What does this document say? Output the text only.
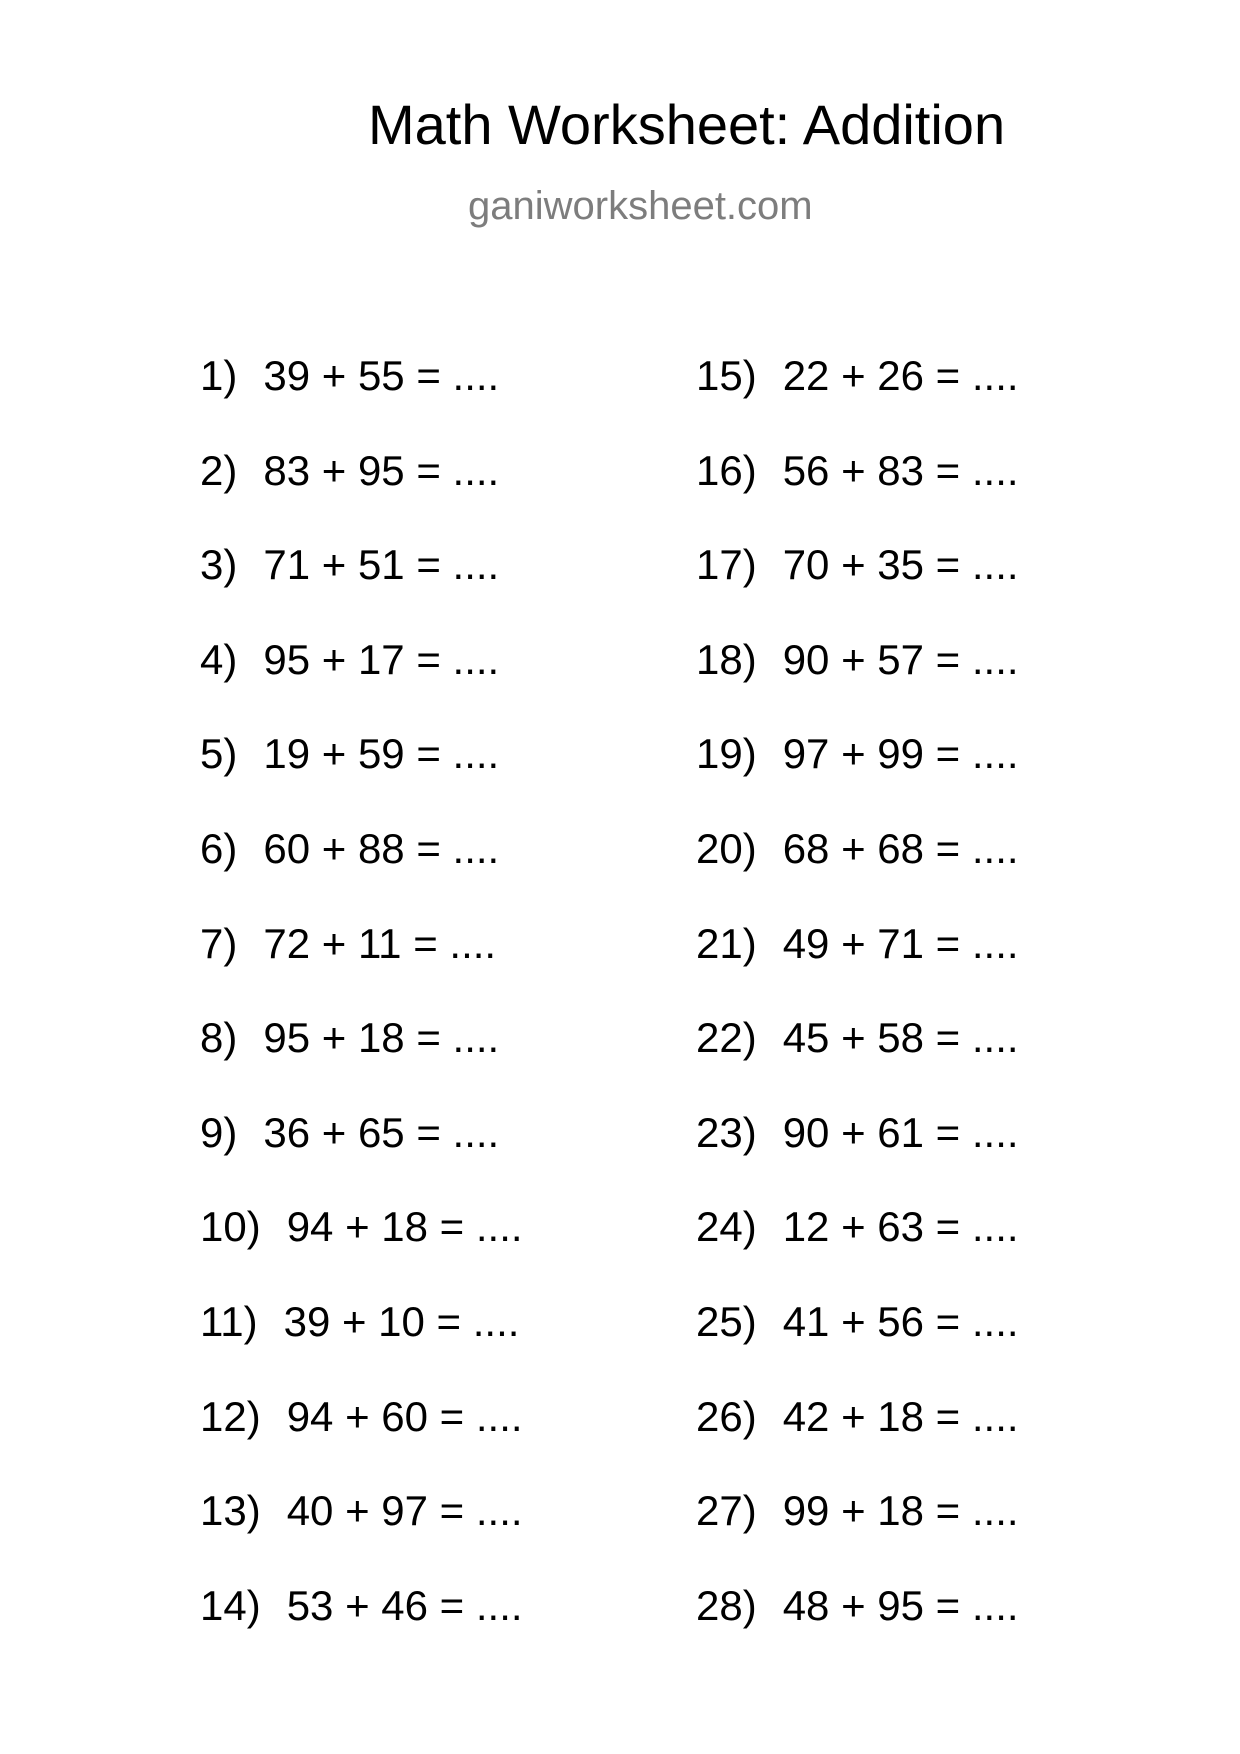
Math Worksheet: Addition
ganiworksheet.com
1) 39 + 55 = ....
2) 83 + 95 = ....
3) 71 + 51 = ....
4) 95 + 17 = ....
5) 19 + 59 = ....
6) 60 + 88 = ....
7) 72 + 11 = ....
8) 95 + 18 = ....
9) 36 + 65 = ....
10) 94 + 18 = ....
11) 39 + 10 = ....
12) 94 + 60 = ....
13) 40 + 97 = ....
14) 53 + 46 = ....
15) 22 + 26 = ....
16) 56 + 83 = ....
17) 70 + 35 = ....
18) 90 + 57 = ....
19) 97 + 99 = ....
20) 68 + 68 = ....
21) 49 + 71 = ....
22) 45 + 58 = ....
23) 90 + 61 = ....
24) 12 + 63 = ....
25) 41 + 56 = ....
26) 42 + 18 = ....
27) 99 + 18 = ....
28) 48 + 95 = ....
